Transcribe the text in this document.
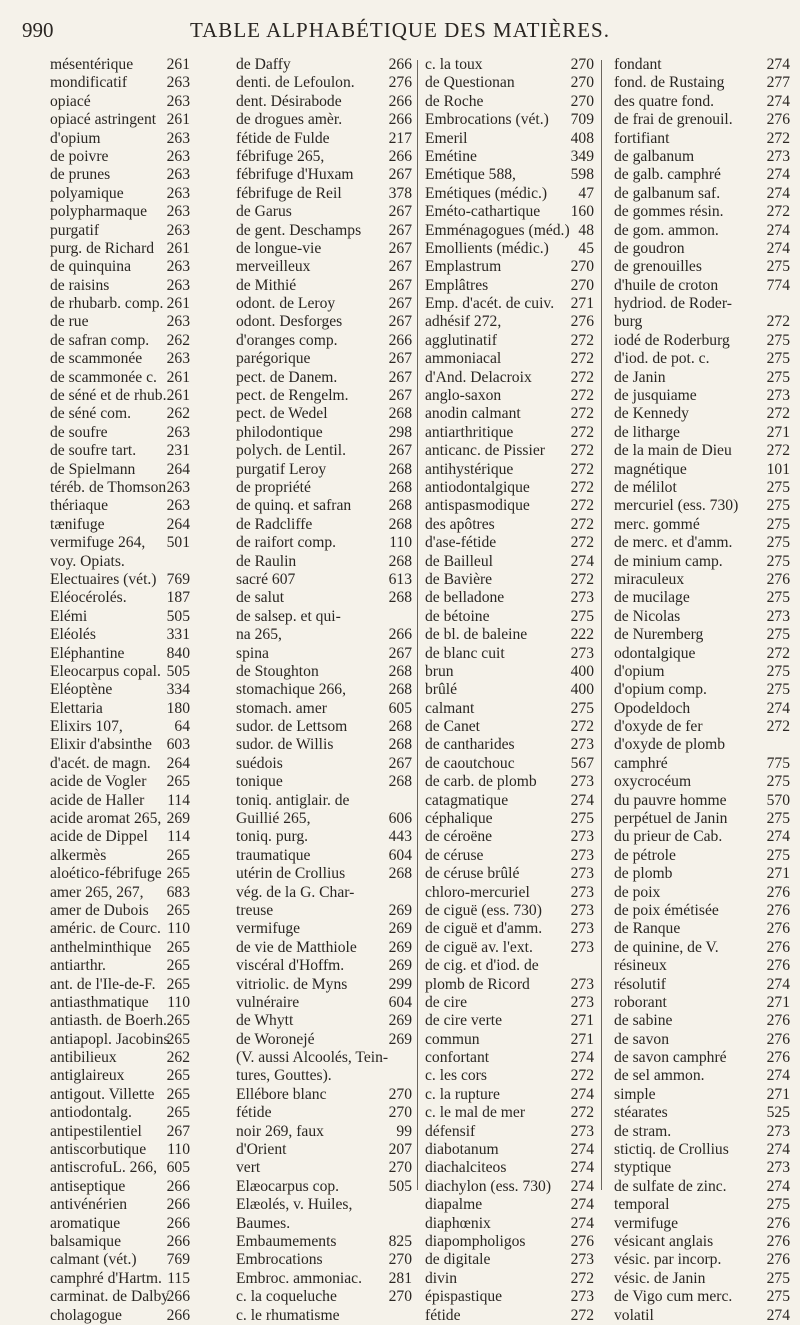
990	TABLE ALPHABÉTIQUE DES MATIÈRES.
mésentérique 261
mondificatif	263
opiacé	263
opiacé astringent 261
d'opium	263
de poivre	263
de prunes	263
polyamique	263
polypharmaque 263
purgatif	263
purg. de Richard 261
de quinquina 263
de raisins	263
de rhubarb. comp. 261
de rue	263
de safran comp. 262
de scammonée 263
de scammonée c. 261
de séné et de rhub. 261
de séné com. 262
de soufre	263
de soufre tart. 231
de Spielmann 264
téréb. de Thomson 263
thériaque	263
tænifuge	264
vermifuge 264, 501
voy. Opiats.
Electuaires (vét.) 769
Eléocérolés.	187
Elémi	505
Eléolés	331
Eléphantine	840
Eleocarpus copal. 505
Eléoptène	334
Elettaria	180
Elixirs 107,	64
Elixir d'absinthe 603
d'acét. de magn. 264
acide de Vogler 265
acide de Haller 114
acide aromat 265, 269
acide de Dippel 114
alkermès	265
aloético-fébrifuge 265
amer 265, 267, 683
amer de Dubois 265
améric. de Courc. 110
anthelminthique 265
antiarthr.	265
ant. de l'Ile-de-F. 265
antiasthmatique 110
antiasth. de Boerh. 265
antiapopl. Jacobins
265
antibilieux	262
antiglaireux	265
antigout. Villette 265
antiodontalg. 265
antipestilentiel 267
antiscorbutique 110
antiscrofuL. 266, 605
antiseptique	266
antivénérien	266
aromatique	266
balsamique	266
calmant (vét.) 769
camphré d'Hartm. 115
carminat. de Dalby
266
cholagogue	266
de Daffy	266
denti. de Lefoulon. 276
dent. Désirabode	266
de drogues amèr.	266
fétide de Fulde	217
fébrifuge 265,	266
fébrifuge d'Huxam 267
fébrifuge de Reil	378
de Garus	267
de gent. Deschamps 267
de longue-vie	267
merveilleux	267
de Mithié	267
odont. de Leroy	267
odont. Desforges	267
d'oranges comp.	266
parégorique	267
pect. de Danem.	267
pect. de Rengelm.	267
pect. de Wedel	268
philodontique	298
polych. de Lentil.	267
purgatif Leroy	268
de propriété	268
de quinq. et safran 268
de Radcliffe	268
de raifort comp.	110
de Raulin	268
sacré 607	613
de salut	268
de salsep. et qui-
na 265,	266
spina	267
de Stoughton	268
stomachique 266,	268
stomach. amer	605
sudor. de Lettsom	268
sudor. de Willis	268
suédois	267
tonique	268
toniq. antiglair. de
Guillié 265,	606
toniq. purg.	443
traumatique	604
utérin de Crollius	268
vég. de la G. Char-
treuse	269
vermifuge	269
de vie de Matthiole 269
viscéral d'Hoffm.	269
vitriolic. de Myns	299
vulnéraire	604
de Whytt	269
de Woronejé	269
(V. aussi Alcoolés, Tein-
tures, Gouttes).
Ellébore blanc	270
fétide	270
noir 269, faux	99
d'Orient	207
vert	270
Elæocarpus cop.	505
Elæolés, v. Huiles,
Baumes.
Embaumements	825
Embrocations	270
Embroc. ammoniac. 281
c. la coqueluche	270
c. le rhumatisme
c. la toux	270
de Questionan	270
de Roche	270
Embrocations (vét.) 709
Emeril	408
Emétine	349
Emétique 588,	598
Emétiques (médic.) 47
Eméto-cathartique 160
Emménagogues (méd.) 48
Emollients (médic.) 45
Emplastrum	270
Emplâtres	270
Emp. d'acét. de cuiv. 271
adhésif 272,	276
agglutinatif	272
ammoniacal	272
d'And. Delacroix 272
anglo-saxon	272
anodin calmant	272
antiarthritique	272
anticanc. de Pissier 272
antihystérique	272
antiodontalgique	272
antispasmodique	272
des apôtres	272
d'ase-fétide	272
de Bailleul	274
de Bavière	272
de belladone	273
de bétoine	275
de bl. de baleine	222
de blanc cuit	273
brun	400
brûlé	400
calmant	275
de Canet	272
de cantharides	273
de caoutchouc	567
de carb. de plomb 273
catagmatique	274
céphalique	275
de céroëne	273
de céruse	273
de céruse brûlé	273
chloro-mercuriel	273
de ciguë (ess. 730) 273
de ciguë et d'amm. 273
de ciguë av. l'ext. 273
de cig. et d'iod. de
plomb de Ricord	273
de cire	273
de cire verte	271
commun	271
confortant	274
c. les cors	272
c. la rupture	274
c. le mal de mer	272
défensif	273
diabotanum	274
diachalciteos	274
diachylon (ess. 730) 274
diapalme	274
diaphœnix	274
diapompholigos	276
de digitale	273
divin	272
épispastique	273
fétide	272
fondant	274
fond. de Rustaing	277
des quatre fond.	274
de frai de grenouil. 276
fortifiant	272
de galbanum	273
de galb. camphré	274
de galbanum saf.	274
de gommes résin.	272
de gom. ammon.	274
de goudron	274
de grenouilles	275
d'huile de croton	774
hydriod. de Roder-
burg	272
iodé de Roderburg 275
d'iod. de pot. c.	275
de Janin	275
de jusquiame	273
de Kennedy	272
de litharge	271
de la main de Dieu 272
magnétique	101
de mélilot	275
mercuriel (ess. 730) 275
merc. gommé	275
de merc. et d'amm. 275
de minium camp.	275
miraculeux	276
de mucilage	275
de Nicolas	273
de Nuremberg	275
odontalgique	272
d'opium	275
d'opium comp.	275
Opodeldoch	274
d'oxyde de fer	272
d'oxyde de plomb
camphré	775
oxycrocéum	275
du pauvre homme	570
perpétuel de Janin	275
du prieur de Cab.	274
de pétrole	275
de plomb	271
de poix	276
de poix émétisée	276
de Ranque	276
de quinine, de V.	276
résineux	276
résolutif	274
roborant	271
de sabine	276
de savon	276
de savon camphré	276
de sel ammon.	274
simple	271
stéarates	525
de stram.	273
stictiq. de Crollius 274
styptique	273
de sulfate de zinc.	274
temporal	275
vermifuge	276
vésicant anglais	276
vésic. par incorp.	276
vésic. de Janin	275
de Vigo cum merc. 275
volatil	274
